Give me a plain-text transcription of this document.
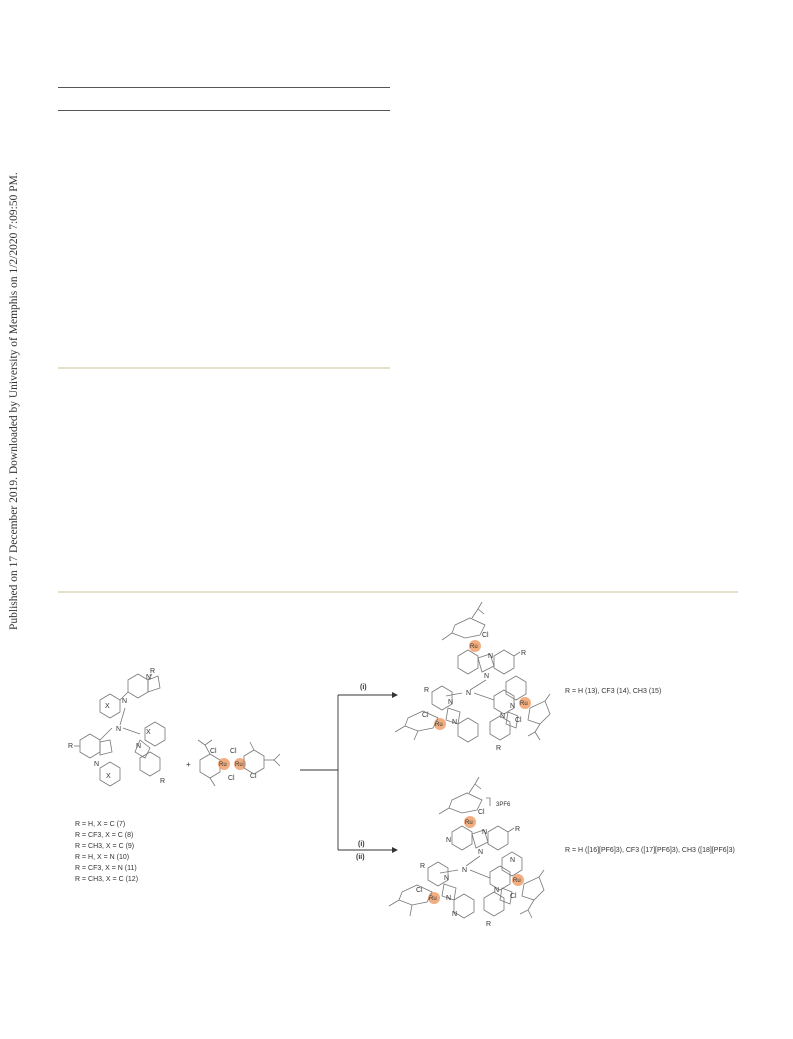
Published on 17 December 2019. Downloaded by University of Memphis on 1/2/2020 7:09:50 PM.
N
R
X
N
N	X
N
R
R
N
X
R = H, X = C (7)
R = CF3, X = C (8)
R = CH3, X = C (9)
R = H, X = N (10)
R = CF3, X = N (11)
R = CH3, X = C (12)
+	Ru Ru
Cl Cl
Cl Cl
(i)
(i)
(ii)
Ru
Cl
N
N
R
N
R
N
N
Ru
Cl	N
N
R
Ru
Cl
R = H (13), CF3 (14), CH3 (15)
3PF6
Ru
Cl
N
N
N
R
N
R
N
N
N
Ru
Cl	N
N
R
Ru
Cl
R = H ([16][PF6]3), CF3 ([17][PF6]3), CH3 ([18][PF6]3)
